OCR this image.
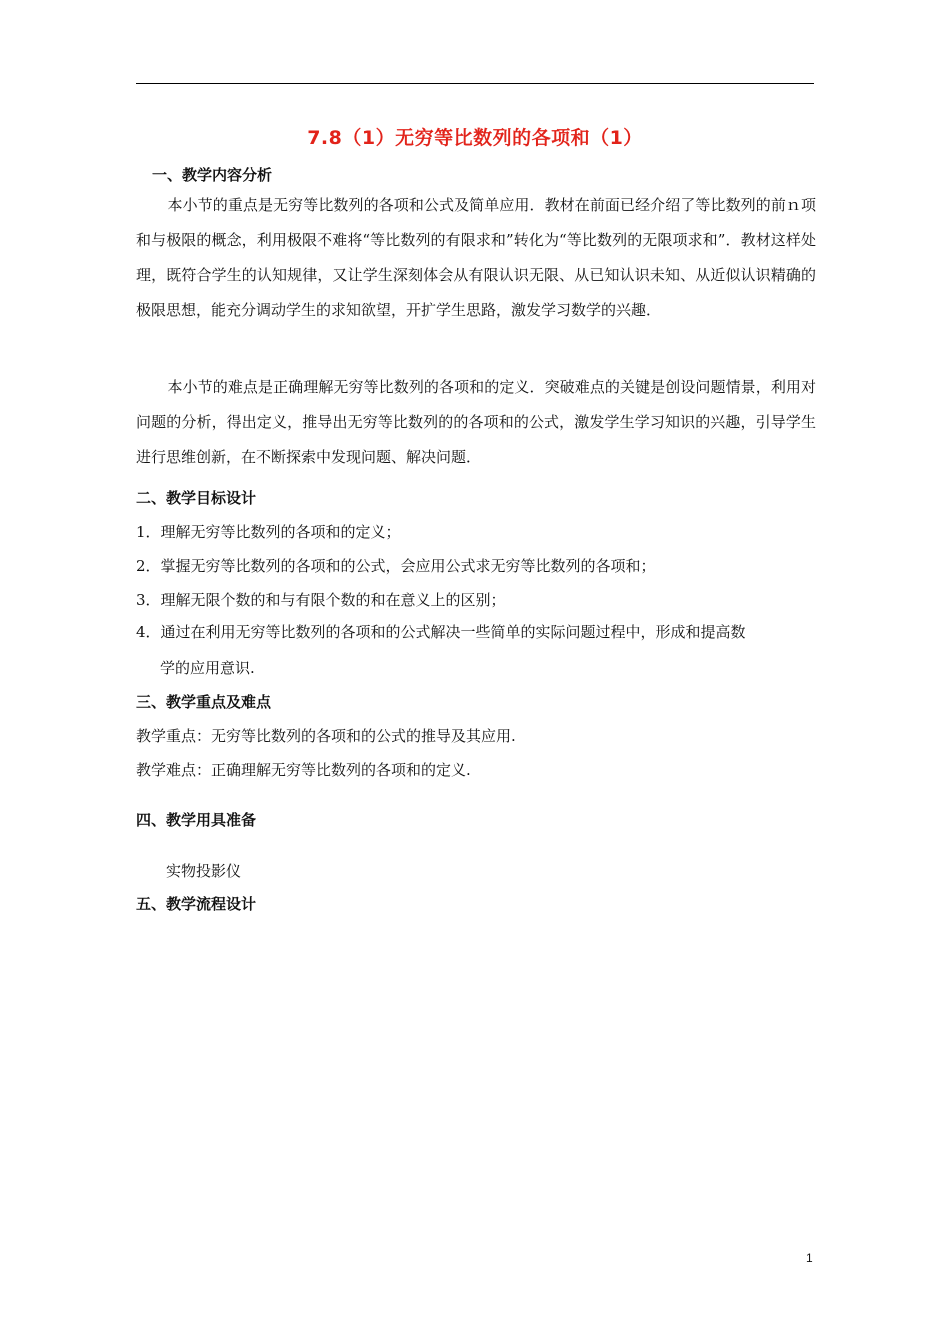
7.8（1）无穷等比数列的各项和（1）
一、教学内容分析
本小节的重点是无穷等比数列的各项和公式及简单应用．教材在前面已经介绍了等比数列的前ｎ项和与极限的概念，利用极限不难将“等比数列的有限求和”转化为“等比数列的无限项求和”．教材这样处理，既符合学生的认知规律，又让学生深刻体会从有限认识无限、从已知认识未知、从近似认识精确的极限思想，能充分调动学生的求知欲望，开扩学生思路，激发学习数学的兴趣．
本小节的难点是正确理解无穷等比数列的各项和的定义．突破难点的关键是创设问题情景，利用对问题的分析，得出定义，推导出无穷等比数列的的各项和的公式，激发学生学习知识的兴趣，引导学生进行思维创新，在不断探索中发现问题、解决问题．
二、教学目标设计
1．理解无穷等比数列的各项和的定义；
2．掌握无穷等比数列的各项和的公式，会应用公式求无穷等比数列的各项和；
3．理解无限个数的和与有限个数的和在意义上的区别；
4．通过在利用无穷等比数列的各项和的公式解决一些简单的实际问题过程中，形成和提高数
学的应用意识.
三、教学重点及难点
教学重点：无穷等比数列的各项和的公式的推导及其应用.
教学难点：正确理解无穷等比数列的各项和的定义.
四、教学用具准备
实物投影仪
五、教学流程设计
1
